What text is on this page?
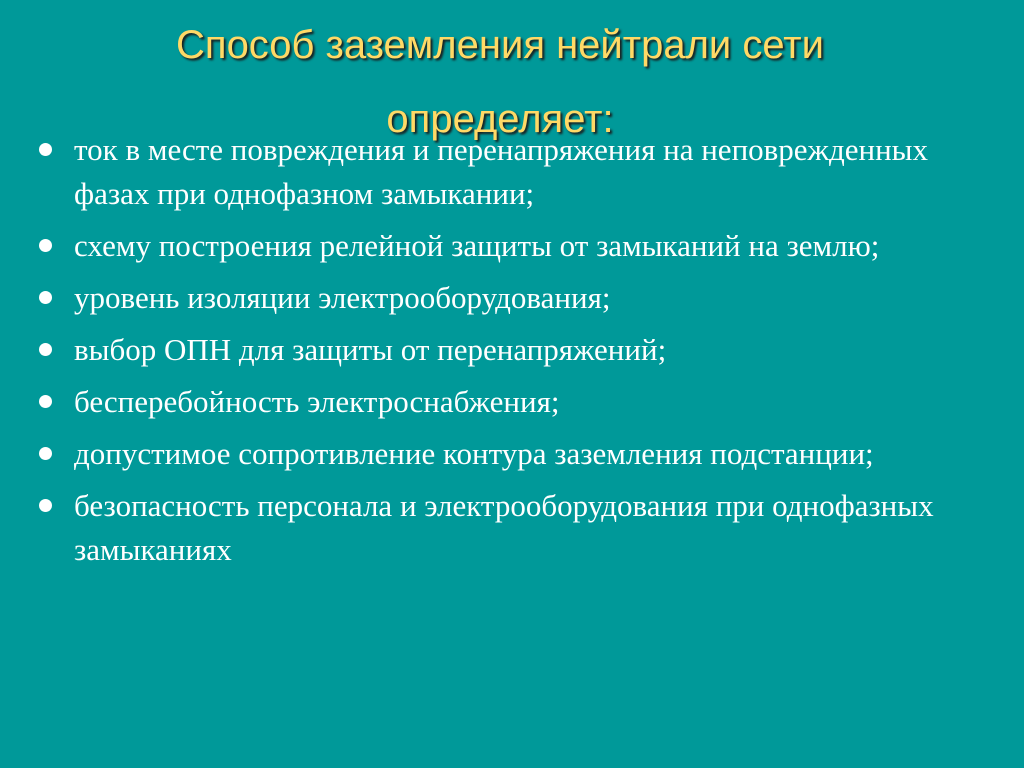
Способ заземления нейтрали сети
определяет:
ток в месте повреждения и перенапряжения на неповрежденных фазах при однофазном замыкании;
схему построения релейной защиты от замыканий на землю;
уровень изоляции электрооборудования;
выбор ОПН для защиты от перенапряжений;
бесперебойность электроснабжения;
допустимое сопротивление контура заземления подстанции;
безопасность персонала и электрооборудования при однофазных замыканиях
